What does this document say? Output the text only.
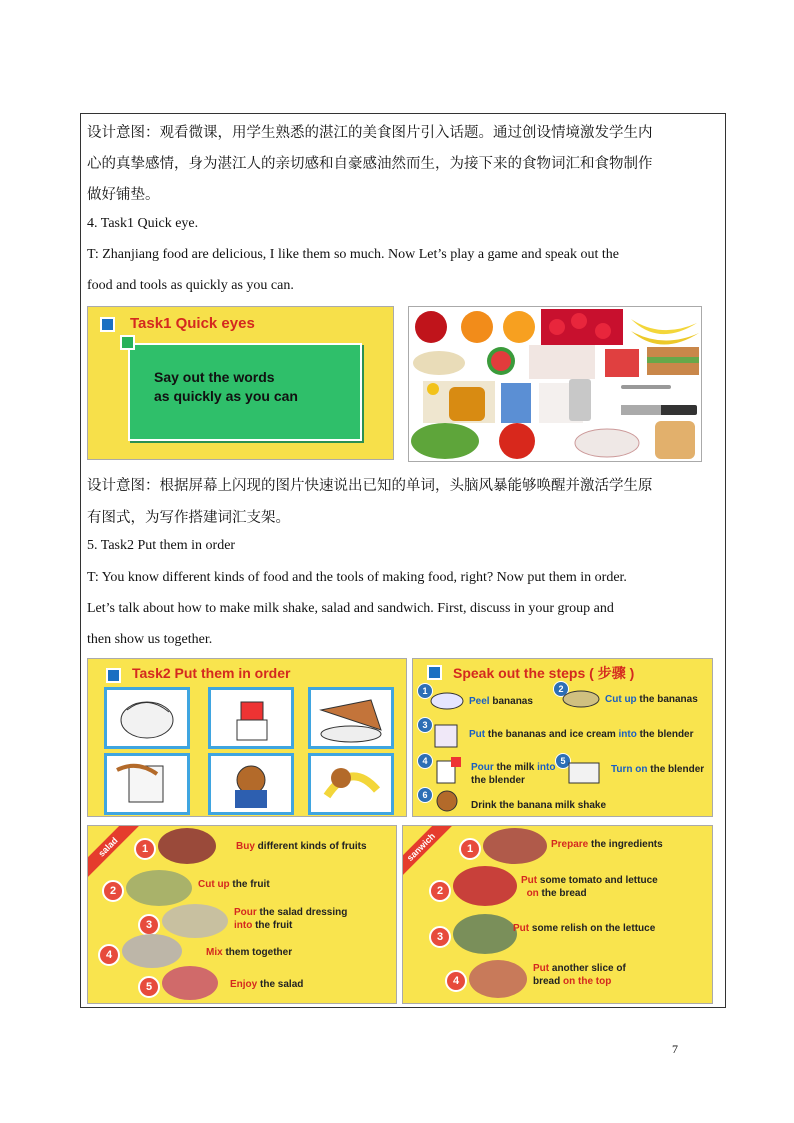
设计意图：观看微课，用学生熟悉的湛江的美食图片引入话题。通过创设情境激发学生内
心的真挚感情，身为湛江人的亲切感和自豪感油然而生，为接下来的食物词汇和食物制作
做好铺垫。
4. Task1 Quick eye.
T: Zhanjiang food are delicious, I like them so much. Now Let’s play a game and speak out the
food and tools as quickly as you can.
Task1 Quick eyes
Say out the words
as quickly as you can
设计意图：根据屏幕上闪现的图片快速说出已知的单词，头脑风暴能够唤醒并激活学生原
有图式，为写作搭建词汇支架。
5. Task2 Put them in order
T: You know different kinds of food and the tools of making food, right? Now put them in order.
Let’s talk about how to make milk shake, salad and sandwich. First, discuss in your group and
then show us together.
Task2 Put them in order	Speak out the steps ( 步骤 )
1
Peel bananas
2
Cut up the bananas
3
Put the bananas and ice cream into the blender
4
Pour the milk into
the blender
5
Turn on the blender
6
Drink the banana milk shake
salad	1	Buy different kinds of fruits
2
Cut up the fruit
3
Pour the salad dressing
into the fruit
4	Mix them together
5	Enjoy the salad
sanwich	1	Prepare the ingredients
2
Put some tomato and lettuce
on the bread
3
Put some relish on the lettuce
4
Put another slice of
bread on the top
7
